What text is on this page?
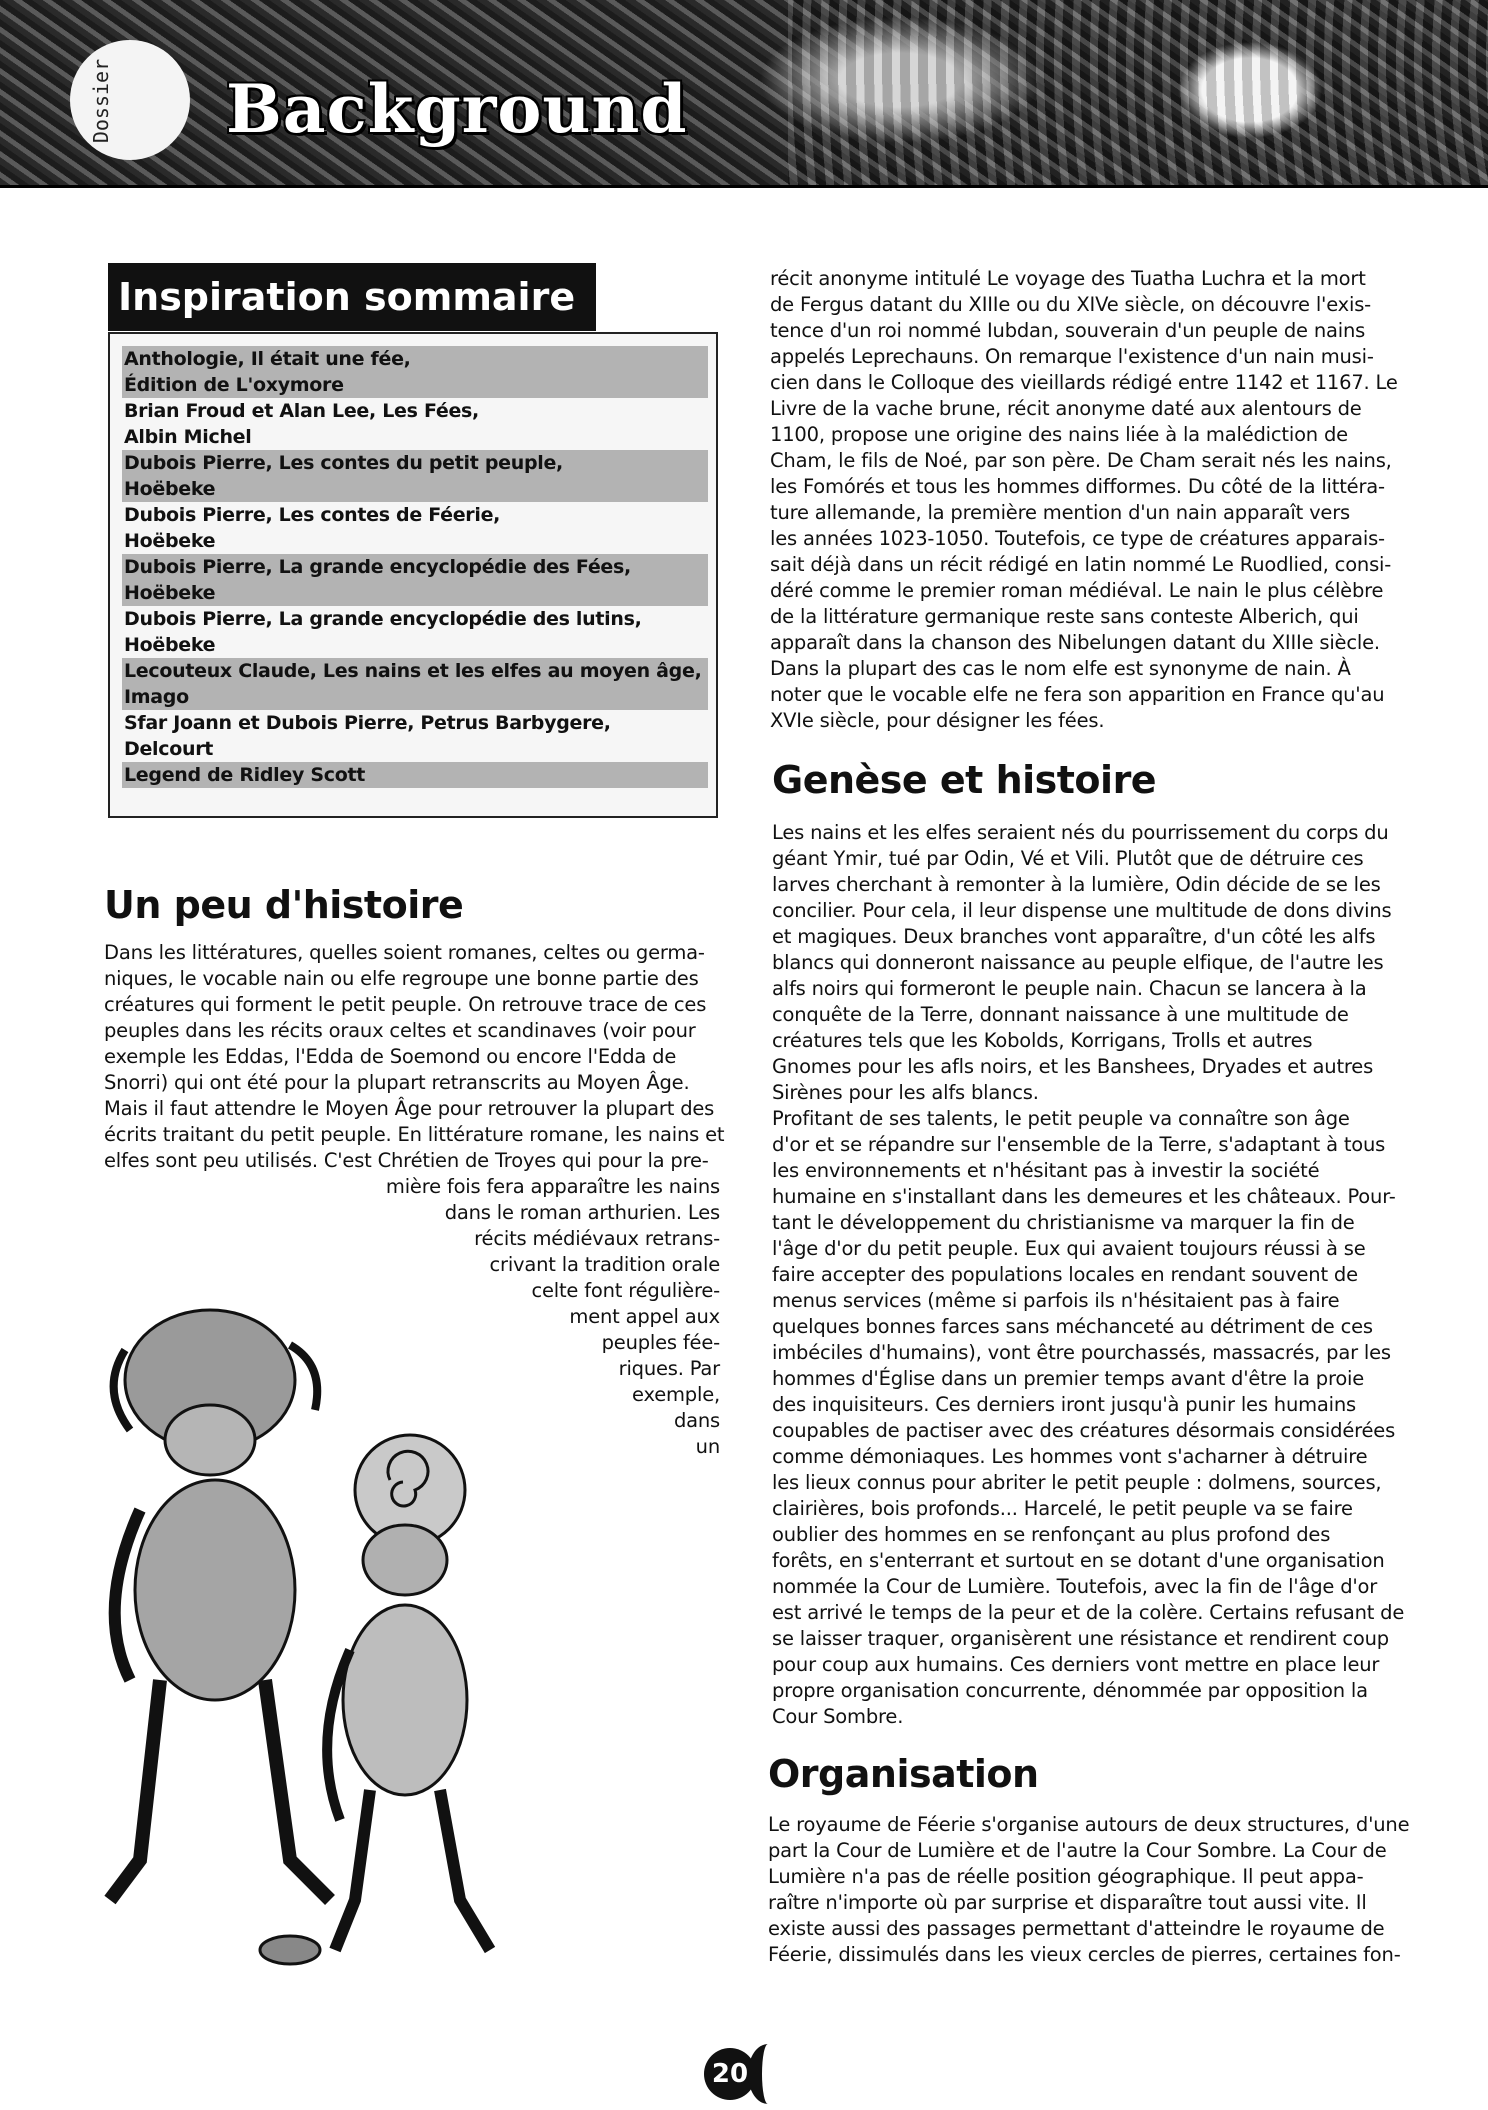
Dossier Background
Inspiration sommaire
Anthologie, Il était une fée,
Édition de L'oxymore
Brian Froud et Alan Lee, Les Fées,
Albin Michel
Dubois Pierre, Les contes du petit peuple,
Hoëbeke
Dubois Pierre, Les contes de Féerie,
Hoëbeke
Dubois Pierre, La grande encyclopédie des Fées,
Hoëbeke
Dubois Pierre, La grande encyclopédie des lutins,
Hoëbeke
Lecouteux Claude, Les nains et les elfes au moyen âge,
Imago
Sfar Joann et Dubois Pierre, Petrus Barbygere,
Delcourt
Legend de Ridley Scott
Un peu d'histoire
Dans les littératures, quelles soient romanes, celtes ou germa-
niques, le vocable nain ou elfe regroupe une bonne partie des
créatures qui forment le petit peuple. On retrouve trace de ces
peuples dans les récits oraux celtes et scandinaves (voir pour
exemple les Eddas, l'Edda de Soemond ou encore l'Edda de
Snorri) qui ont été pour la plupart retranscrits au Moyen Âge.
Mais il faut attendre le Moyen Âge pour retrouver la plupart des
écrits traitant du petit peuple. En littérature romane, les nains et
elfes sont peu utilisés. C'est Chrétien de Troyes qui pour la pre-
mière fois fera apparaître les nains
dans le roman arthurien. Les
récits médiévaux retrans-
crivant la tradition orale
celte font régulière-
ment appel aux
peuples fée-
riques. Par
exemple,
dans
un
récit anonyme intitulé Le voyage des Tuatha Luchra et la mort
de Fergus datant du XIIIe ou du XIVe siècle, on découvre l'exis-
tence d'un roi nommé Iubdan, souverain d'un peuple de nains
appelés Leprechauns. On remarque l'existence d'un nain musi-
cien dans le Colloque des vieillards rédigé entre 1142 et 1167. Le
Livre de la vache brune, récit anonyme daté aux alentours de
1100, propose une origine des nains liée à la malédiction de
Cham, le fils de Noé, par son père. De Cham serait nés les nains,
les Fomórés et tous les hommes difformes. Du côté de la littéra-
ture allemande, la première mention d'un nain apparaît vers
les années 1023-1050. Toutefois, ce type de créatures apparais-
sait déjà dans un récit rédigé en latin nommé Le Ruodlied, consi-
déré comme le premier roman médiéval. Le nain le plus célèbre
de la littérature germanique reste sans conteste Alberich, qui
apparaît dans la chanson des Nibelungen datant du XIIIe siècle.
Dans la plupart des cas le nom elfe est synonyme de nain. À
noter que le vocable elfe ne fera son apparition en France qu'au
XVIe siècle, pour désigner les fées.
Genèse et histoire
Les nains et les elfes seraient nés du pourrissement du corps du
géant Ymir, tué par Odin, Vé et Vili. Plutôt que de détruire ces
larves cherchant à remonter à la lumière, Odin décide de se les
concilier. Pour cela, il leur dispense une multitude de dons divins
et magiques. Deux branches vont apparaître, d'un côté les alfs
blancs qui donneront naissance au peuple elfique, de l'autre les
alfs noirs qui formeront le peuple nain. Chacun se lancera à la
conquête de la Terre, donnant naissance à une multitude de
créatures tels que les Kobolds, Korrigans, Trolls et autres
Gnomes pour les afls noirs, et les Banshees, Dryades et autres
Sirènes pour les alfs blancs.
Profitant de ses talents, le petit peuple va connaître son âge
d'or et se répandre sur l'ensemble de la Terre, s'adaptant à tous
les environnements et n'hésitant pas à investir la société
humaine en s'installant dans les demeures et les châteaux. Pour-
tant le développement du christianisme va marquer la fin de
l'âge d'or du petit peuple. Eux qui avaient toujours réussi à se
faire accepter des populations locales en rendant souvent de
menus services (même si parfois ils n'hésitaient pas à faire
quelques bonnes farces sans méchanceté au détriment de ces
imbéciles d'humains), vont être pourchassés, massacrés, par les
hommes d'Église dans un premier temps avant d'être la proie
des inquisiteurs. Ces derniers iront jusqu'à punir les humains
coupables de pactiser avec des créatures désormais considérées
comme démoniaques. Les hommes vont s'acharner à détruire
les lieux connus pour abriter le petit peuple : dolmens, sources,
clairières, bois profonds... Harcelé, le petit peuple va se faire
oublier des hommes en se renfonçant au plus profond des
forêts, en s'enterrant et surtout en se dotant d'une organisation
nommée la Cour de Lumière. Toutefois, avec la fin de l'âge d'or
est arrivé le temps de la peur et de la colère. Certains refusant de
se laisser traquer, organisèrent une résistance et rendirent coup
pour coup aux humains. Ces derniers vont mettre en place leur
propre organisation concurrente, dénommée par opposition la
Cour Sombre.
Organisation
Le royaume de Féerie s'organise autours de deux structures, d'une
part la Cour de Lumière et de l'autre la Cour Sombre. La Cour de
Lumière n'a pas de réelle position géographique. Il peut appa-
raître n'importe où par surprise et disparaître tout aussi vite. Il
existe aussi des passages permettant d'atteindre le royaume de
Féerie, dissimulés dans les vieux cercles de pierres, certaines fon-
20
